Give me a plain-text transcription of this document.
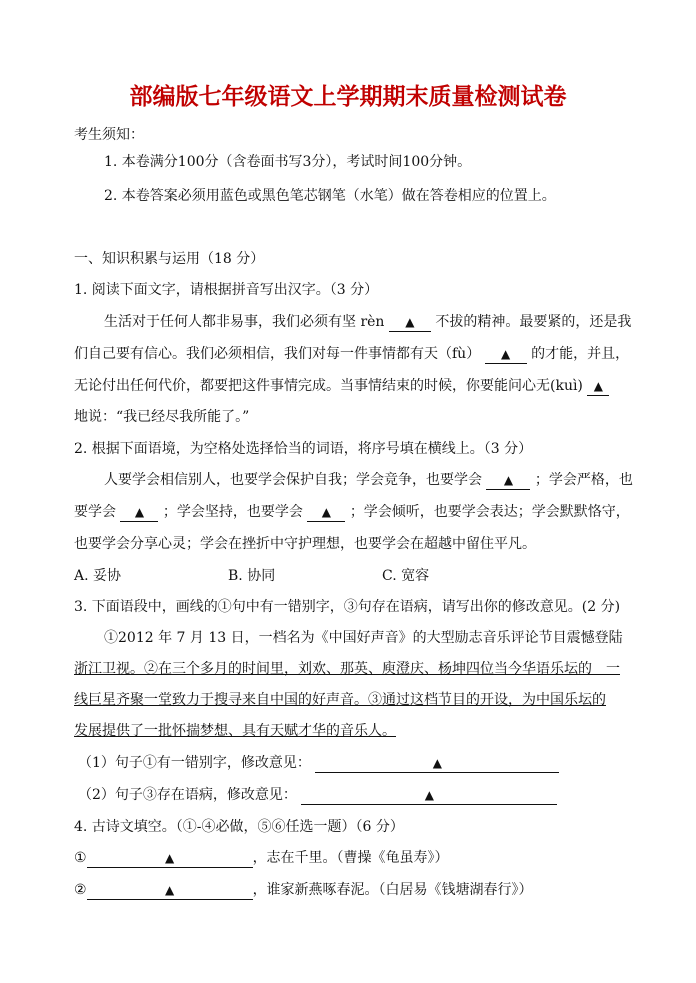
部编版七年级语文上学期期末质量检测试卷
考生须知：
1. 本卷满分100分（含卷面书写3分），考试时间100分钟。
2. 本卷答案必须用蓝色或黑色笔芯钢笔（水笔）做在答卷相应的位置上。
一、知识积累与运用（18 分）
1. 阅读下面文字，请根据拼音写出汉字。（3 分）
生活对于任何人都非易事，我们必须有坚 rèn ▲ 不拔的精神。最要紧的，还是我
们自己要有信心。我们必须相信，我们对每一件事情都有天（fù） ▲ 的才能，并且，
无论付出任何代价，都要把这件事情完成。当事情结束的时候，你要能问心无(kuì) ▲
地说：“我已经尽我所能了。”
2. 根据下面语境，为空格处选择恰当的词语，将序号填在横线上。（3 分）
人要学会相信别人，也要学会保护自我；学会竞争，也要学会 ▲ ；学会严格，也
要学会 ▲ ；学会坚持，也要学会 ▲ ；学会倾听，也要学会表达；学会默默恪守，
也要学会分享心灵；学会在挫折中守护理想，也要学会在超越中留住平凡。
A. 妥协	B. 协同	C. 宽容
3. 下面语段中，画线的①句中有一错别字，③句存在语病，请写出你的修改意见。(2 分)
①2012 年 7 月 13 日，一档名为《中国好声音》的大型励志音乐评论节目震憾登陆
浙江卫视。②在三个多月的时间里，刘欢、那英、庾澄庆、杨坤四位当今华语乐坛的　一
线巨星齐聚一堂致力于搜寻来自中国的好声音。③通过这档节目的开设，为中国乐坛的
发展提供了一批怀揣梦想、具有天赋才华的音乐人。
（1）句子①有一错别字，修改意见：	▲
（2）句子③存在语病，修改意见：	▲
4. 古诗文填空。（①-④必做，⑤⑥任选一题）（6 分）
①	▲	，志在千里。（曹操《龟虽寿》）
②	▲	，谁家新燕啄春泥。（白居易《钱塘湖春行》）
